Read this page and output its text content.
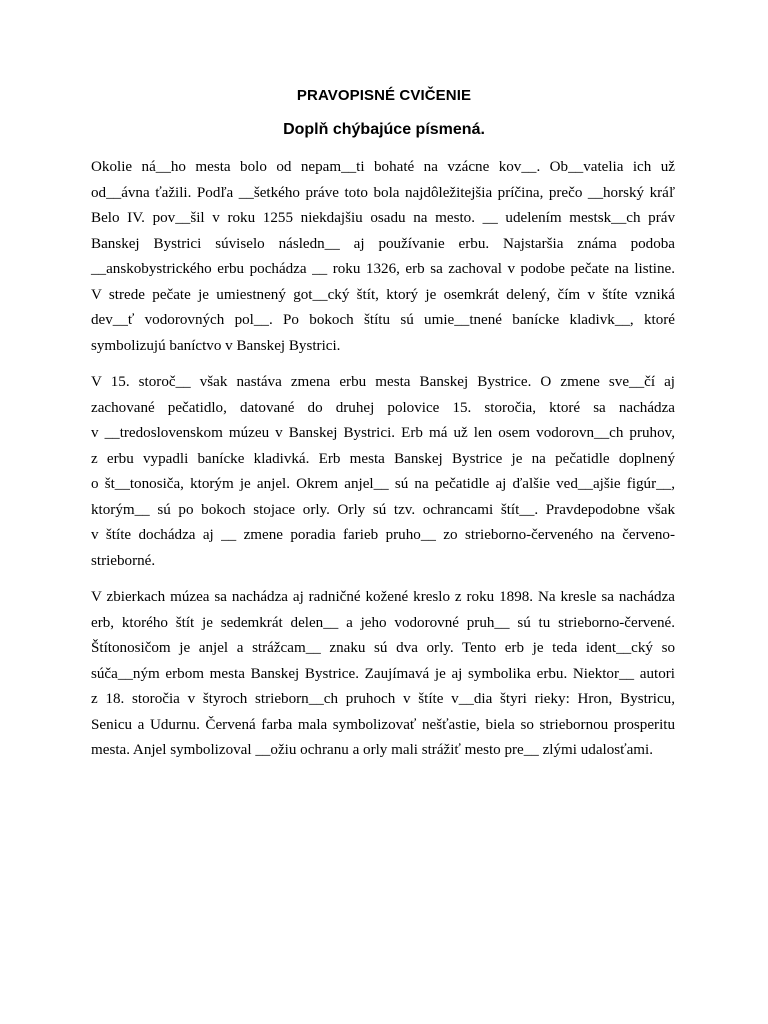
PRAVOPISNÉ CVIČENIE
Doplň chýbajúce písmená.
Okolie ná__ho mesta bolo od nepam__ti bohaté na vzácne kov__. Ob__vatelia ich už
od__ávna ťažili. Podľa __šetkého práve toto bola najdôležitejšia príčina, prečo __horský kráľ
Belo IV. pov__šil v roku 1255 niekdajšiu osadu na mesto. __ udelením mestsk__ch práv
Banskej Bystrici súviselo následn__ aj používanie erbu. Najstaršia známa podoba
__anskobystrického erbu pochádza __ roku 1326, erb sa zachoval v podobe pečate na listine.
V strede pečate je umiestnený got__cký štít, ktorý je osemkrát delený, čím v štíte vzniká
dev__ť vodorovných pol__. Po bokoch štítu sú umie__tnené banícke kladivk__, ktoré
symbolizujú baníctvo v Banskej Bystrici.
V 15. storoč__ však nastáva zmena erbu mesta Banskej Bystrice. O zmene sve__čí aj
zachované pečatidlo, datované do druhej polovice 15. storočia, ktoré sa nachádza
v __tredoslovenskom múzeu v Banskej Bystrici. Erb má už len osem vodorovn__ch pruhov,
z erbu vypadli banícke kladivká. Erb mesta Banskej Bystrice je na pečatidle doplnený
o št__tonosiča, ktorým je anjel. Okrem anjel__ sú na pečatidle aj ďalšie ved__ajšie figúr__,
ktorým__ sú po bokoch stojace orly. Orly sú tzv. ochrancami štít__. Pravdepodobne však
v štíte dochádza aj __ zmene poradia farieb pruho__ zo strieborno-červeného na červeno-
strieborné.
V zbierkach múzea sa nachádza aj radničné kožené kreslo z roku 1898. Na kresle sa nachádza
erb, ktorého štít je sedemkrát delen__ a jeho vodorovné pruh__ sú tu strieborno-červené.
Štítonosičom je anjel a strážcam__ znaku sú dva orly. Tento erb je teda ident__cký so
súča__ným erbom mesta Banskej Bystrice. Zaujímavá je aj symbolika erbu. Niektor__ autori
z 18. storočia v štyroch strieborn__ch pruhoch v štíte v__dia štyri rieky: Hron, Bystricu,
Senicu a Udurnu. Červená farba mala symbolizovať nešťastie, biela so striebornou prosperitu
mesta. Anjel symbolizoval __ožiu ochranu a orly mali strážiť mesto pre__ zlými udalosťami.
